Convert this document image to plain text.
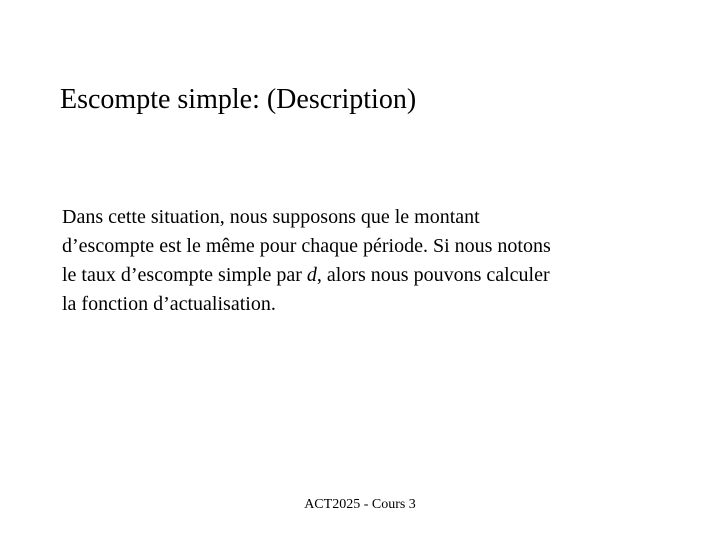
Escompte simple: (Description)
Dans cette situation, nous supposons que le montant
d’escompte est le même pour chaque période. Si nous notons
le taux d’escompte simple par d, alors nous pouvons calculer
la fonction d’actualisation.
ACT2025 - Cours 3
